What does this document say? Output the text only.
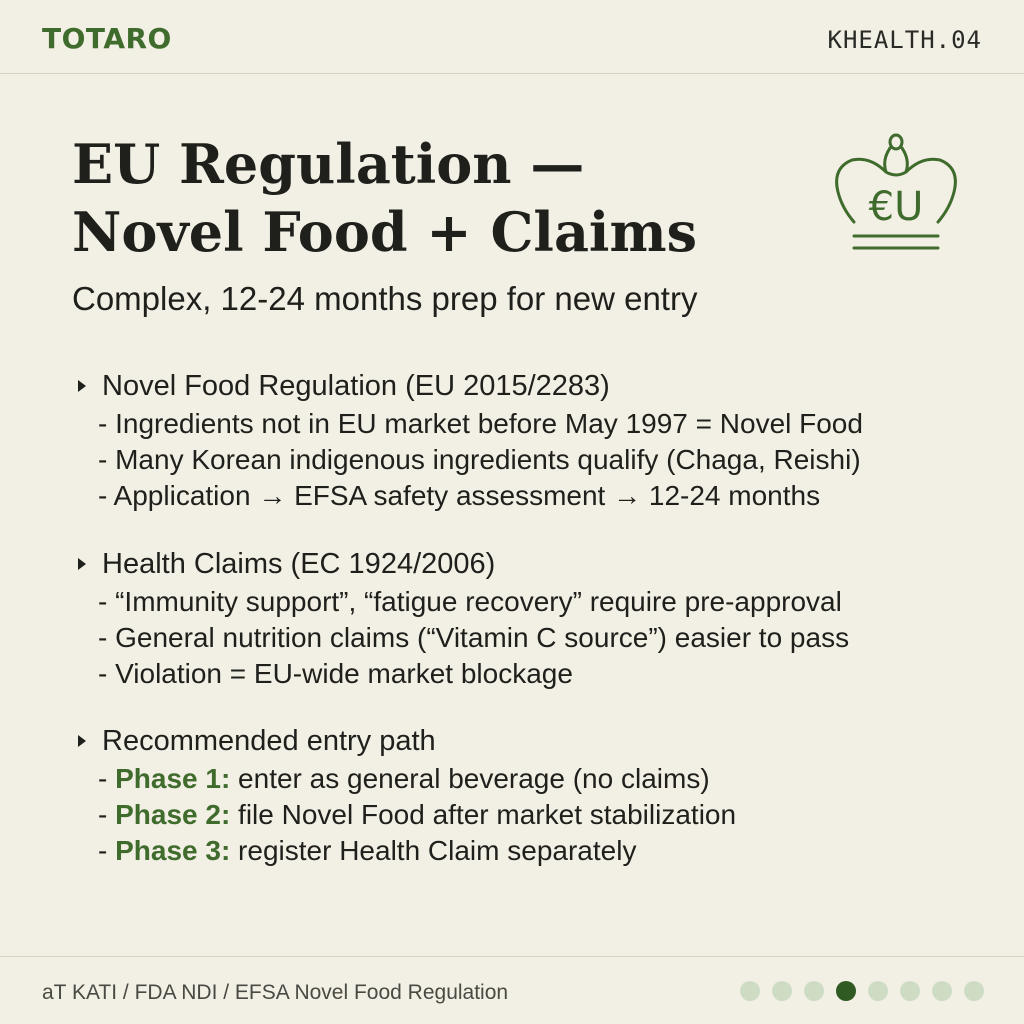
TOTARO	KHEALTH.04
EU Regulation —
Novel Food + Claims	€U
Complex, 12-24 months prep for new entry
Novel Food Regulation (EU 2015/2283)
- Ingredients not in EU market before May 1997 = Novel Food
- Many Korean indigenous ingredients qualify (Chaga, Reishi)
- Application → EFSA safety assessment → 12-24 months
Health Claims (EC 1924/2006)
- “Immunity support”, “fatigue recovery” require pre-approval
- General nutrition claims (“Vitamin C source”) easier to pass
- Violation = EU-wide market blockage
Recommended entry path
- Phase 1: enter as general beverage (no claims)
- Phase 2: file Novel Food after market stabilization
- Phase 3: register Health Claim separately
aT KATI / FDA NDI / EFSA Novel Food Regulation
